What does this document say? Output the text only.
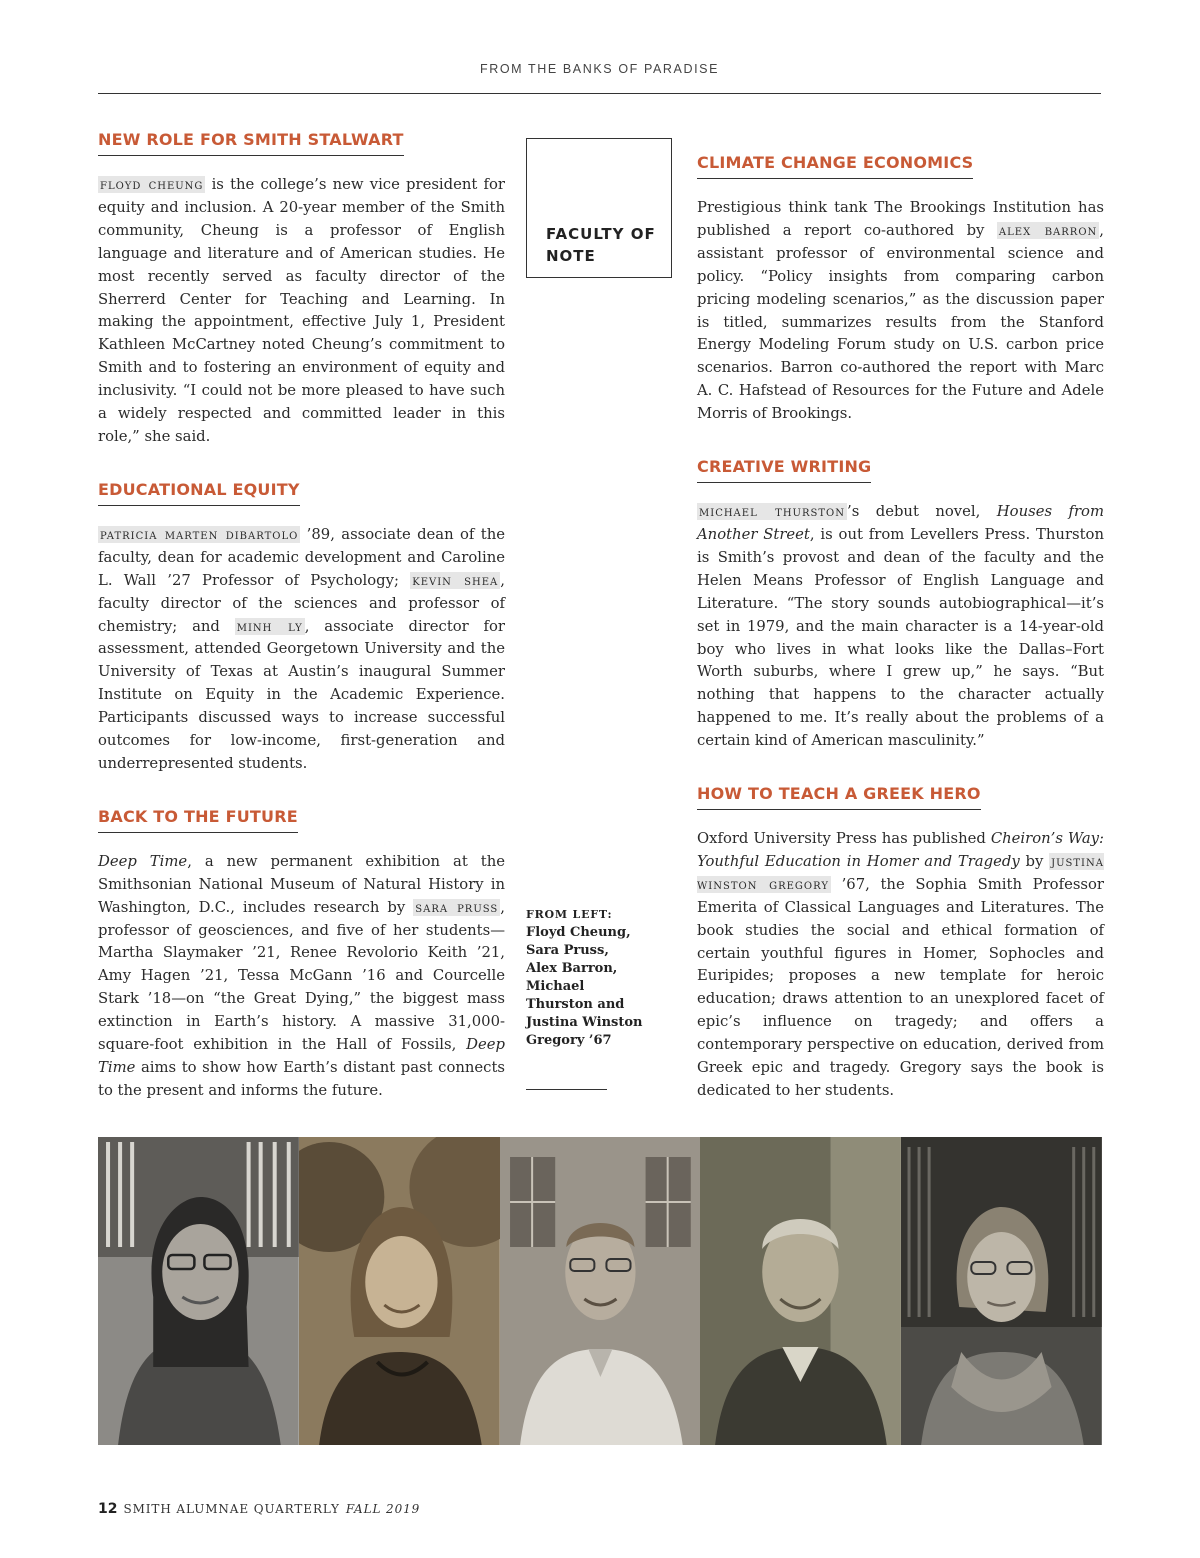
FROM THE BANKS OF PARADISE
NEW ROLE FOR SMITH STALWART

floyd cheung is the college’s new vice president for equity and inclusion. A 20-year member of the Smith community, Cheung is a professor of English language and literature and of American studies. He most recently served as faculty director of the Sherrerd Center for Teaching and Learning. In making the appointment, effective July 1, President Kathleen McCartney noted Cheung’s commitment to Smith and to fostering an environment of equity and inclusivity. “I could not be more pleased to have such a widely respected and committed leader in this role,” she said.

EDUCATIONAL EQUITY

patricia marten dibartolo ’89, associate dean of the faculty, dean for academic development and Caroline L. Wall ’27 Professor of Psychology; kevin shea , faculty director of the sciences and professor of chemistry; and minh ly , associate director for assessment, attended Georgetown University and the University of Texas at Austin’s inaugural Summer Institute on Equity in the Academic Experience. Participants discussed ways to increase successful outcomes for low-income, first-generation and underrepresented students.

BACK TO THE FUTURE

Deep Time, a new permanent exhibition at the Smithsonian National Museum of Natural History in Washington, D.C., includes research by sara pruss , professor of geosciences, and five of her students—Martha Slaymaker ’21, Renee Revolorio Keith ’21, Amy Hagen ’21, Tessa McGann ’16 and Courcelle Stark ’18—on “the Great Dying,” the biggest mass extinction in Earth’s history. A massive 31,000-square-foot exhibition in the Hall of Fossils, Deep Time aims to show how Earth’s distant past connects to the present and informs the future.

FACULTY OF NOTE
FROM LEFT:
Floyd Cheung, Sara Pruss, Alex Barron, Michael Thurston and Justina Winston Gregory ’67
CLIMATE CHANGE ECONOMICS

Prestigious think tank The Brookings Institution has published a report co-authored by alex barron , assistant professor of environmental science and policy. “Policy insights from comparing carbon pricing modeling scenarios,” as the discussion paper is titled, summarizes results from the Stanford Energy Modeling Forum study on U.S. carbon price scenarios. Barron co-authored the report with Marc A. C. Hafstead of Resources for the Future and Adele Morris of Brookings.

CREATIVE WRITING

michael thurston ’s debut novel, Houses from Another Street, is out from Levellers Press. Thurston is Smith’s provost and dean of the faculty and the Helen Means Professor of English Language and Literature. “The story sounds autobiographical—it’s set in 1979, and the main character is a 14-year-old boy who lives in what looks like the Dallas–Fort Worth suburbs, where I grew up,” he says. “But nothing that happens to the character actually happened to me. It’s really about the problems of a certain kind of American masculinity.”

HOW TO TEACH A GREEK HERO

Oxford University Press has published Cheiron’s Way: Youthful Education in Homer and Tragedy by justina winston gregory ’67, the Sophia Smith Professor Emerita of Classical Languages and Literatures. The book studies the social and ethical formation of certain youthful figures in Homer, Sophocles and Euripides; proposes a new template for heroic education; draws attention to an unexplored facet of epic’s influence on tragedy; and offers a contemporary perspective on education, derived from Greek epic and tragedy. Gregory says the book is dedicated to her students.

12 SMITH ALUMNAE QUARTERLY FALL 2019
